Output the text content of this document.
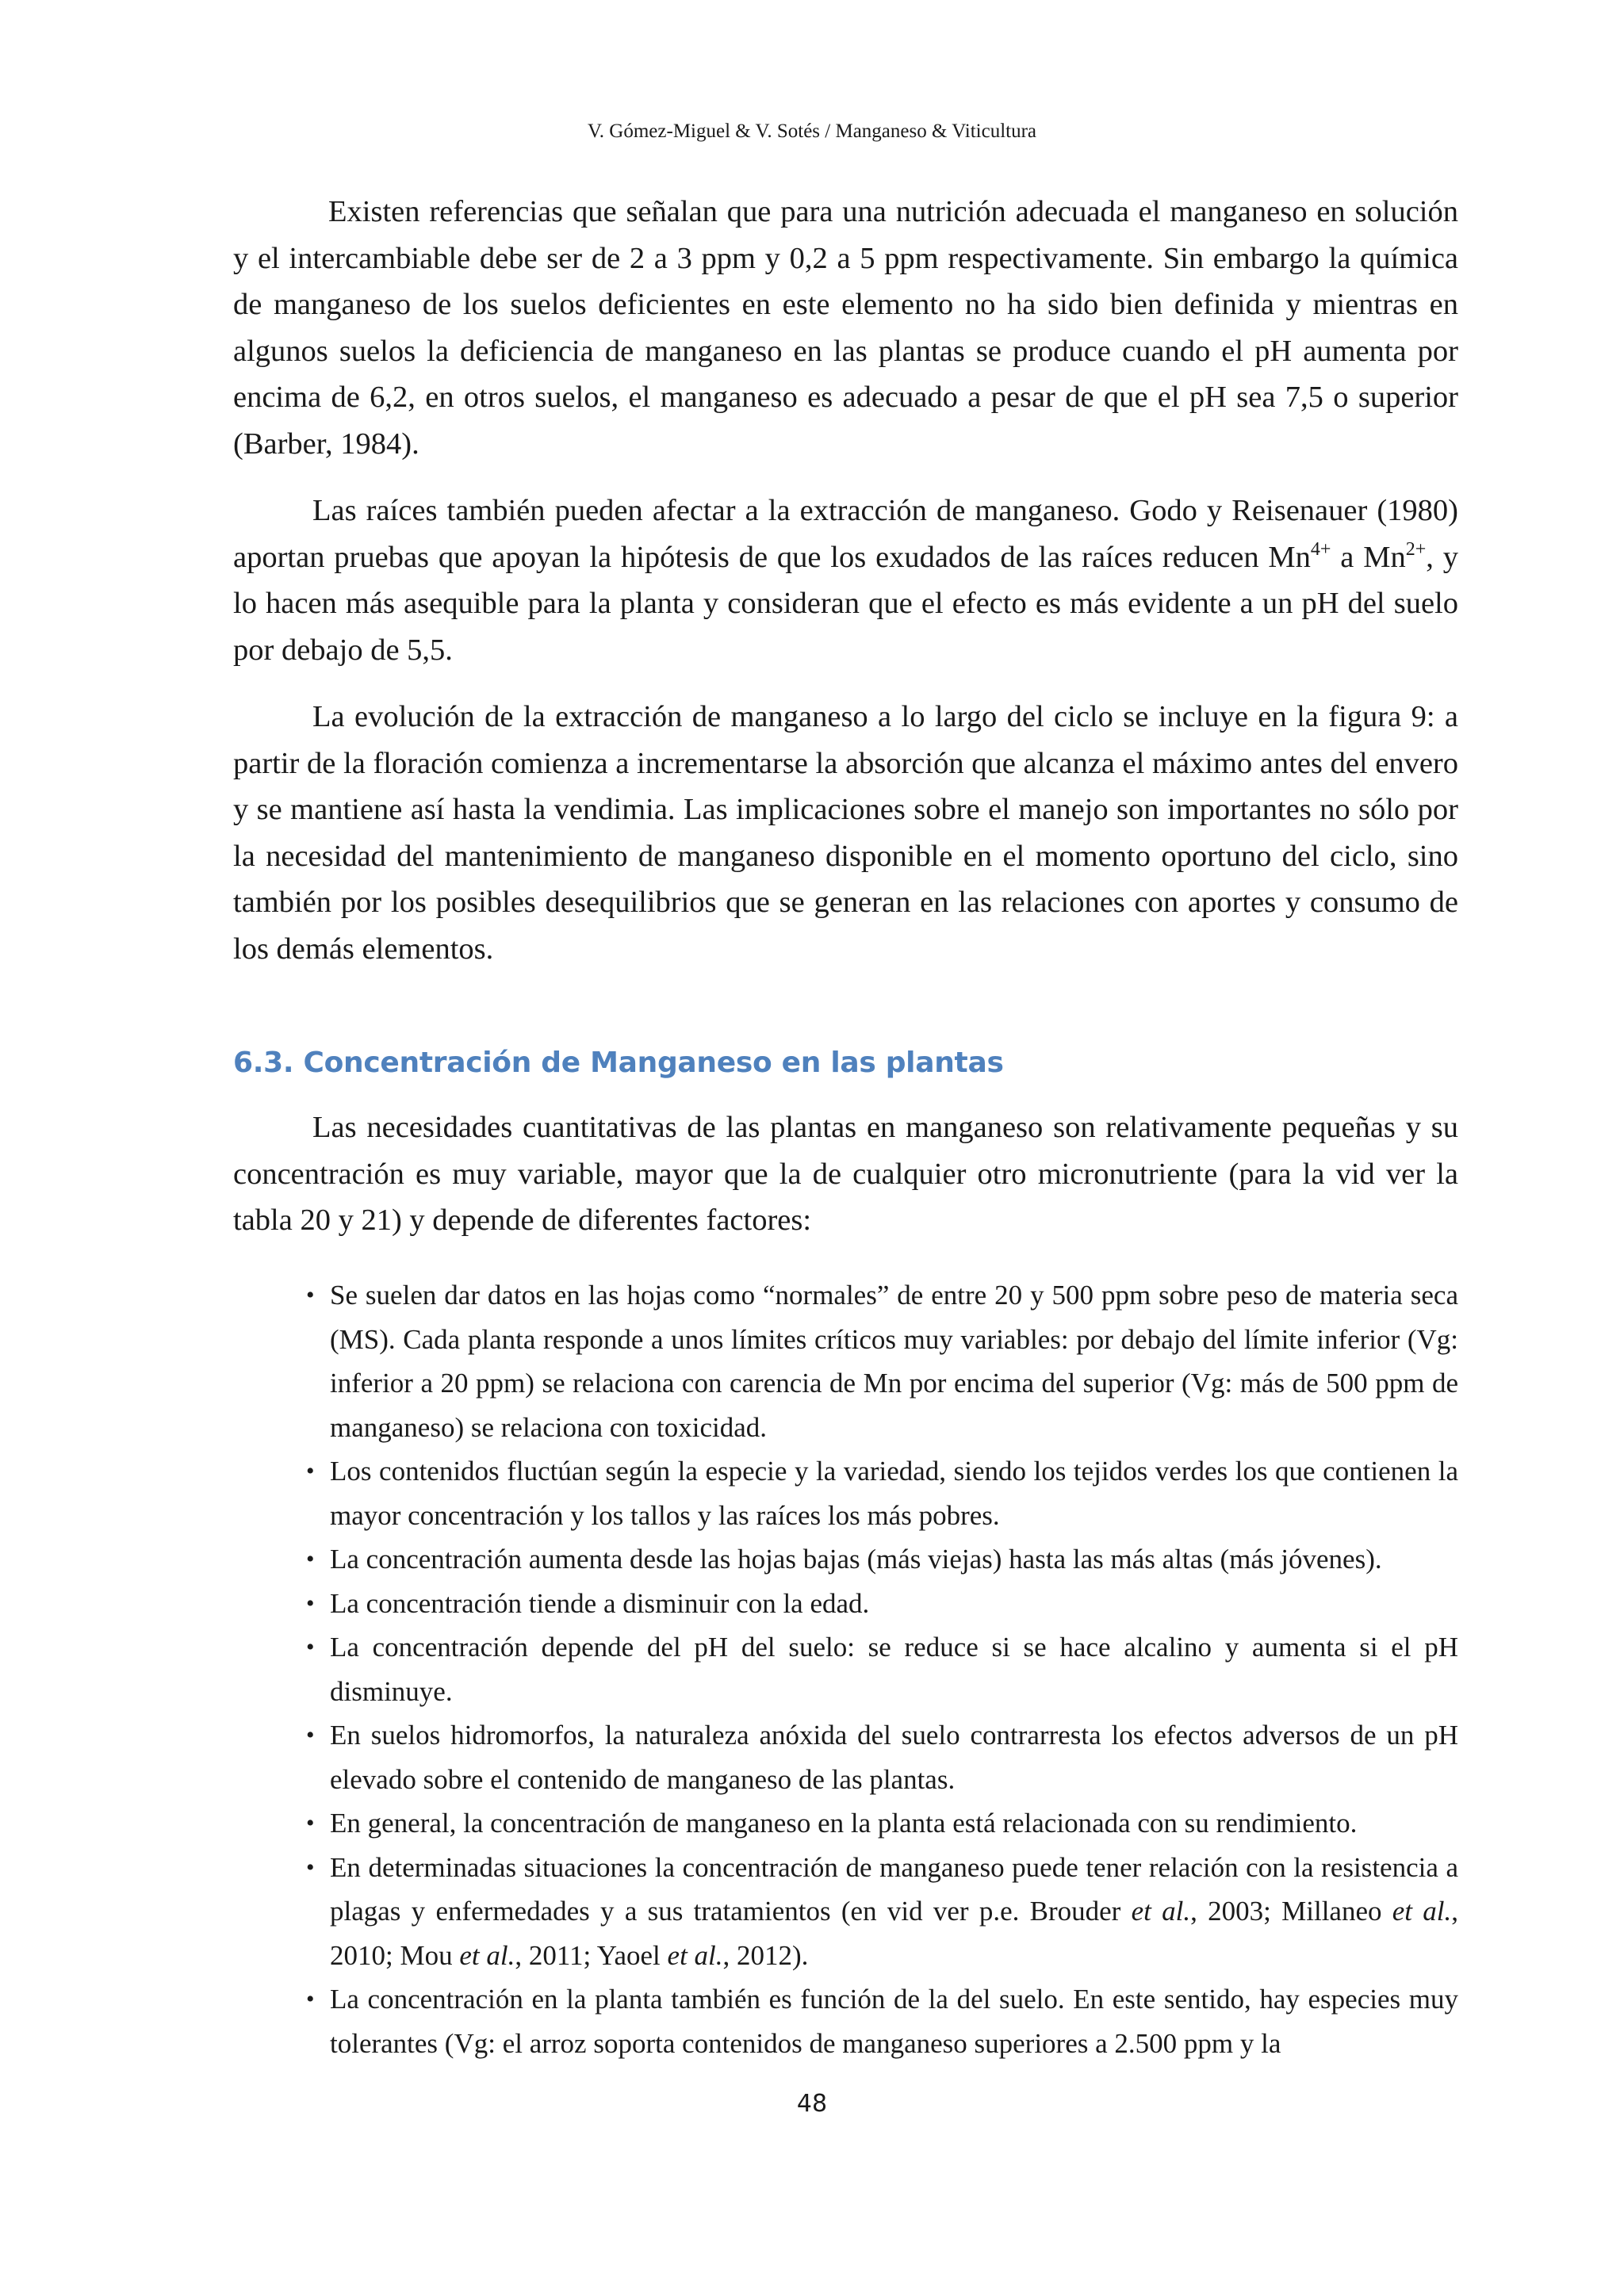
V. Gómez-Miguel & V. Sotés / Manganeso & Viticultura

Existen referencias que señalan que para una nutrición adecuada el manganeso en solución y el intercambiable debe ser de 2 a 3 ppm y 0,2 a 5 ppm respectivamente. Sin embargo la química de manganeso de los suelos deficientes en este elemento no ha sido bien definida y mientras en algunos suelos la deficiencia de manganeso en las plantas se produce cuando el pH aumenta por encima de 6,2, en otros suelos, el manganeso es adecuado a pesar de que el pH sea 7,5 o superior (Barber, 1984).

Las raíces también pueden afectar a la extracción de manganeso. Godo y Reisenauer (1980) aportan pruebas que apoyan la hipótesis de que los exudados de las raíces reducen $Mn^{4+}$ a $Mn^{2+}$, y lo hacen más asequible para la planta y consideran que el efecto es más evidente a un pH del suelo por debajo de 5,5.

La evolución de la extracción de manganeso a lo largo del ciclo se incluye en la figura 9: a partir de la floración comienza a incrementarse la absorción que alcanza el máximo antes del envero y se mantiene así hasta la vendimia. Las implicaciones sobre el manejo son importantes no sólo por la necesidad del mantenimiento de manganeso disponible en el momento oportuno del ciclo, sino también por los posibles desequilibrios que se generan en las relaciones con aportes y consumo de los demás elementos.

6.3. Concentración de Manganeso en las plantas

Las necesidades cuantitativas de las plantas en manganeso son relativamente pequeñas y su concentración es muy variable, mayor que la de cualquier otro micronutriente (para la vid ver la tabla 20 y 21) y depende de diferentes factores:

• Se suelen dar datos en las hojas como “normales” de entre 20 y 500 ppm sobre peso de materia seca (MS). Cada planta responde a unos límites críticos muy variables: por debajo del límite inferior (Vg: inferior a 20 ppm) se relaciona con carencia de Mn por encima del superior (Vg: más de 500 ppm de manganeso) se relaciona con toxicidad.
• Los contenidos fluctúan según la especie y la variedad, siendo los tejidos verdes los que contienen la mayor concentración y los tallos y las raíces los más pobres.
• La concentración aumenta desde las hojas bajas (más viejas) hasta las más altas (más jóvenes).
• La concentración tiende a disminuir con la edad.
• La concentración depende del pH del suelo: se reduce si se hace alcalino y aumenta si el pH disminuye.
• En suelos hidromorfos, la naturaleza anóxida del suelo contrarresta los efectos adversos de un pH elevado sobre el contenido de manganeso de las plantas.
• En general, la concentración de manganeso en la planta está relacionada con su rendimiento.
• En determinadas situaciones la concentración de manganeso puede tener relación con la resistencia a plagas y enfermedades y a sus tratamientos (en vid ver p.e. Brouder et al., 2003; Millaneo et al., 2010; Mou et al., 2011; Yaoel et al., 2012).
• La concentración en la planta también es función de la del suelo. En este sentido, hay especies muy tolerantes (Vg: el arroz soporta contenidos de manganeso superiores a 2.500 ppm y la
48
